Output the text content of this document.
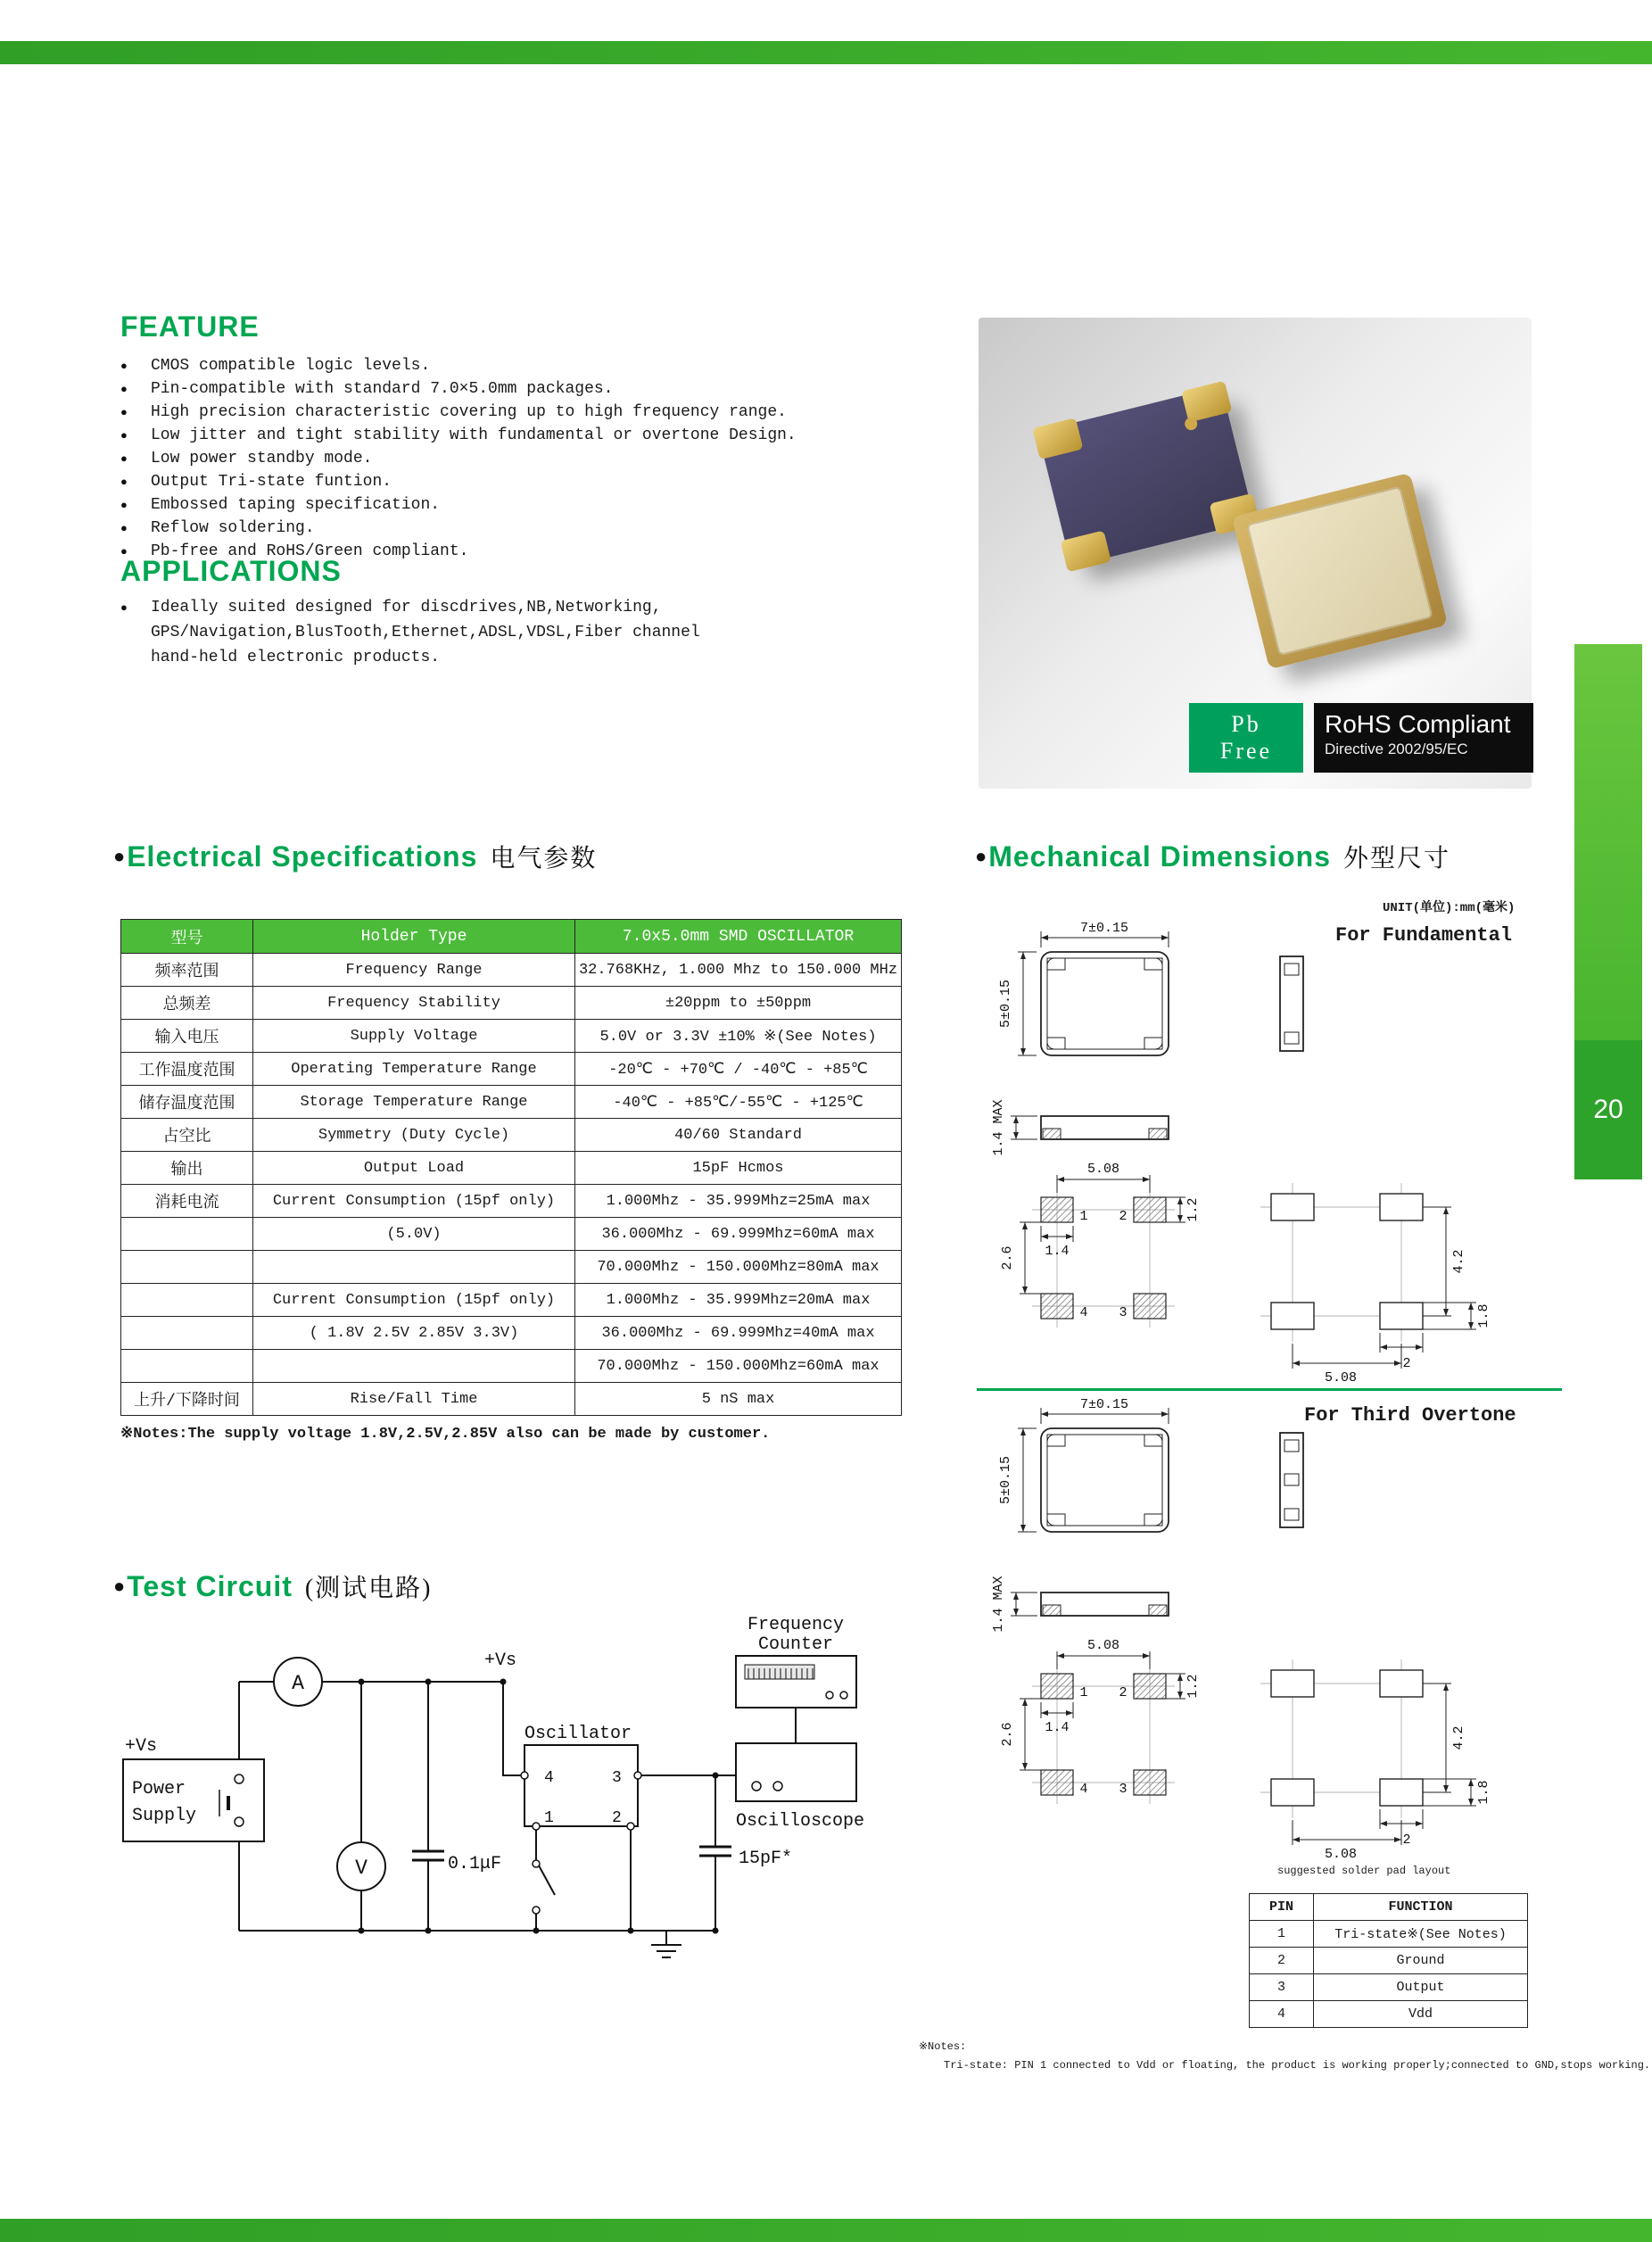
FEATURE
●	CMOS compatible logic levels.
●	Pin-compatible with standard 7.0×5.0mm packages.
●	High precision characteristic covering up to high frequency range.
●	Low jitter and tight stability with fundamental or overtone Design.
●	Low power standby mode.
●	Output Tri-state funtion.
●	Embossed taping specification.
●	Reflow soldering.
●	Pb-free and RoHS/Green compliant.
APPLICATIONS
●	Ideally suited designed for discdrives,NB,Networking,
GPS/Navigation,BlusTooth,Ethernet,ADSL,VDSL,Fiber channel
hand-held electronic products.
Pb
Free
RoHS Compliant
Directive 2002/95/EC
20
●Electrical Specifications 电气参数
型号	Holder Type	7.0x5.0mm SMD OSCILLATOR
频率范围	Frequency Range	32.768KHz, 1.000 Mhz to 150.000 MHz
总频差	Frequency Stability	±20ppm to ±50ppm
输入电压	Supply Voltage	5.0V or 3.3V ±10% ※(See Notes)
工作温度范围	Operating Temperature Range	-20℃ - +70℃ / -40℃ - +85℃
储存温度范围	Storage Temperature Range	-40℃ - +85℃/-55℃ - +125℃
占空比	Symmetry (Duty Cycle)	40/60 Standard
输出	Output Load	15pF Hcmos
消耗电流	Current Consumption (15pf only)	1.000Mhz - 35.999Mhz=25mA max
	(5.0V)	36.000Mhz - 69.999Mhz=60mA max
		70.000Mhz - 150.000Mhz=80mA max
	Current Consumption (15pf only)	1.000Mhz - 35.999Mhz=20mA max
	( 1.8V 2.5V 2.85V 3.3V)	36.000Mhz - 69.999Mhz=40mA max
		70.000Mhz - 150.000Mhz=60mA max
上升/下降时间	Rise/Fall Time	5 nS max
※Notes:The supply voltage 1.8V,2.5V,2.85V also can be made by customer.
●Mechanical Dimensions 外型尺寸
UNIT(单位):mm(毫米)
For Fundamental
7±0.15
5±0.15
1.4 MAX
5.08
1.4
1.2
2.6	4.2
1.8
2
5.08
1 2
4 3
For Third Overtone
7±0.15
5±0.15
1.4 MAX
5.08
1.4
1.2
2.6	4.2
1.8
2
5.08
1 2
4 3
suggested solder pad layout
PIN	FUNCTION
1	Tri-state※(See Notes)
2	Ground
3	Output
4	Vdd
※Notes:
Tri-state: PIN 1 connected to Vdd or floating, the product is working properly;connected to GND,stops working.
●Test Circuit (测试电路)
+Vs
Power
Supply
A
+Vs
V	0.1μF
Oscillator
4	3
1	2
Frequency
Counter
Oscilloscope
15pF*
